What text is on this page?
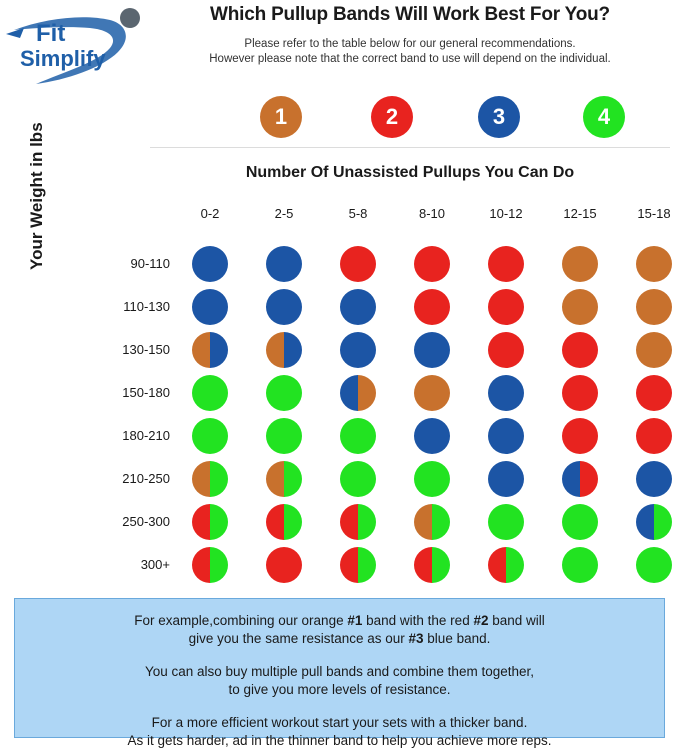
Fit
Simplify
Which Pullup Bands Will Work Best For You?
Please refer to the table below for our general recommendations.
However please note that the correct band to use will depend on the individual.
1	2	3	4
Number Of Unassisted Pullups You Can Do
Your Weight in lbs	0-2	2-5	5-8	8-10	10-12	12-15	15-18
90-110
110-130
130-150
150-180
180-210
210-250
250-300
300+
For example,combining our orange #1 band with the red #2 band will
give you the same resistance as our #3 blue band.
You can also buy multiple pull bands and combine them together,
to give you more levels of resistance.
For a more efficient workout start your sets with a thicker band.
As it gets harder, ad in the thinner band to help you achieve more reps.
